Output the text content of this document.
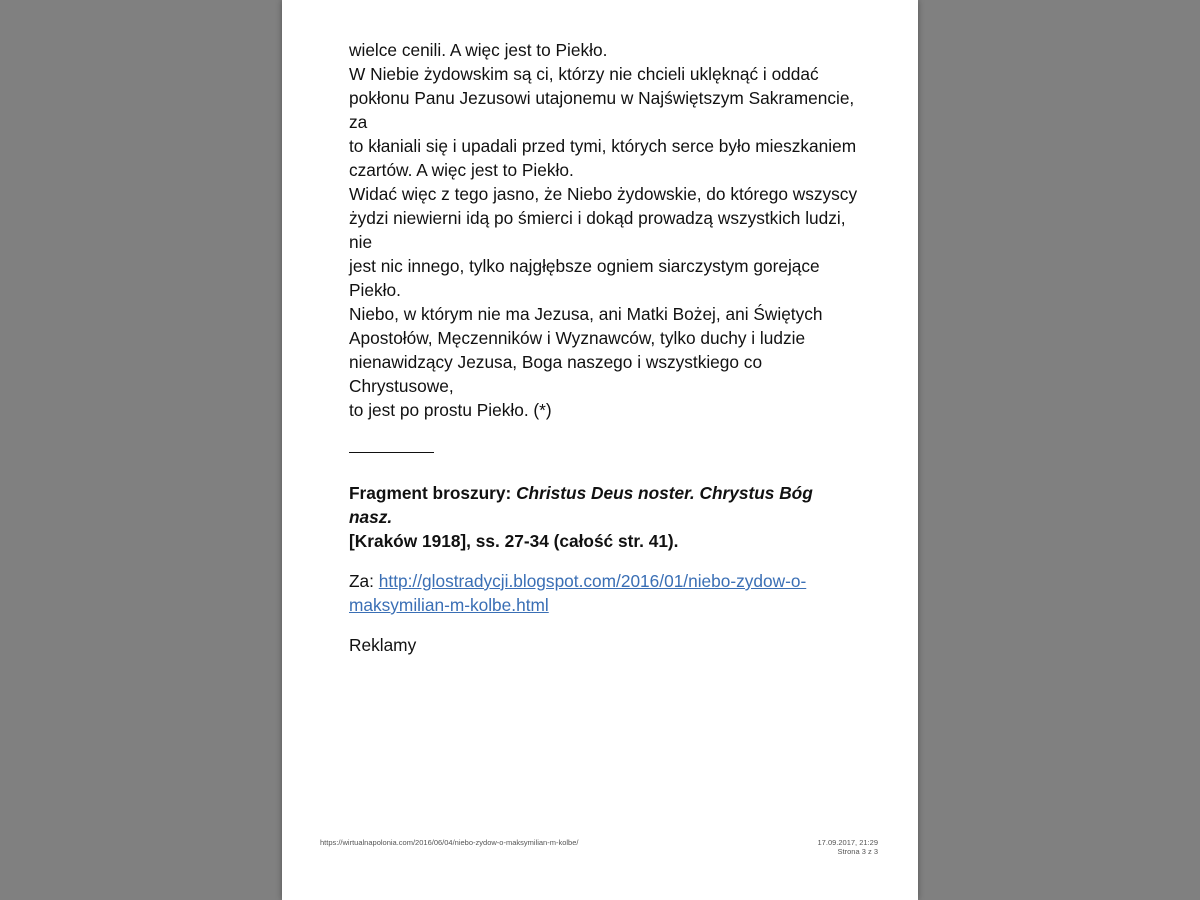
wielce cenili. A więc jest to Piekło.

W Niebie żydowskim są ci, którzy nie chcieli uklęknąć i oddać

pokłonu Panu Jezusowi utajonemu w Najświętszym Sakramencie, za

to kłaniali się i upadali przed tymi, których serce było mieszkaniem

czartów. A więc jest to Piekło.

Widać więc z tego jasno, że Niebo żydowskie, do którego wszyscy

żydzi niewierni idą po śmierci i dokąd prowadzą wszystkich ludzi, nie

jest nic innego, tylko najgłębsze ogniem siarczystym gorejące Piekło.

Niebo, w którym nie ma Jezusa, ani Matki Bożej, ani Świętych

Apostołów, Męczenników i Wyznawców, tylko duchy i ludzie

nienawidzący Jezusa, Boga naszego i wszystkiego co Chrystusowe,

to jest po prostu Piekło. (*)

Fragment broszury: Christus Deus noster. Chrystus Bóg nasz.
[Kraków 1918], ss. 27-34 (całość str. 41).

Za: http://glostradycji.blogspot.com/2016/01/niebo-zydow-o-
maksymilian-m-kolbe.html

Reklamy

https://wirtualnapolonia.com/2016/06/04/niebo-zydow-o-maksymilian-m-kolbe/	17.09.2017, 21:29
Strona 3 z 3
